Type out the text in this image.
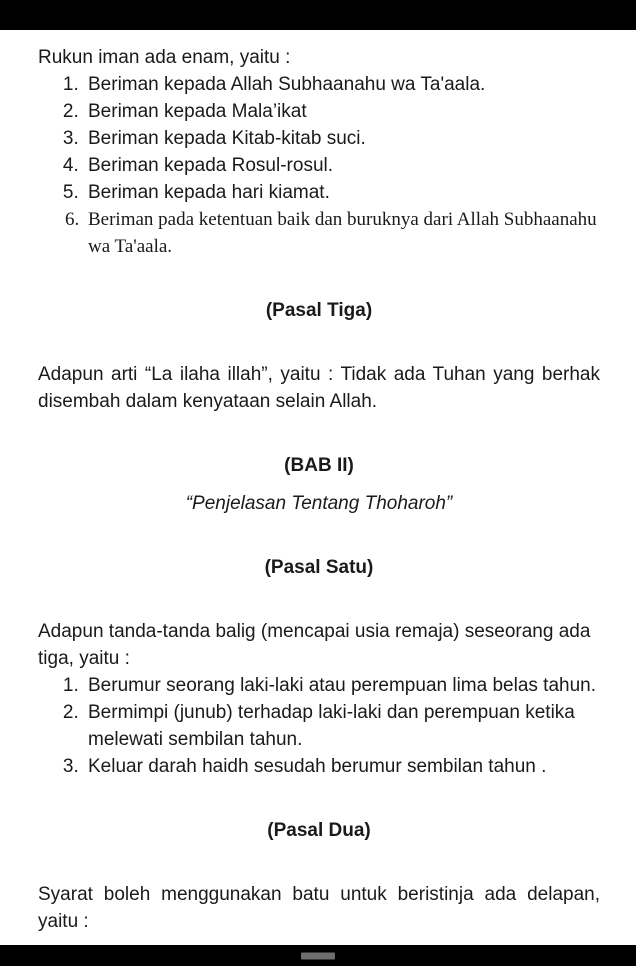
Rukun iman ada enam, yaitu :

1. Beriman kepada Allah Subhaanahu wa Ta'aala.
2. Beriman kepada Mala’ikat
3. Beriman kepada Kitab-kitab suci.
4. Beriman kepada Rosul-rosul.
5. Beriman kepada hari kiamat.
6. Beriman pada ketentuan baik dan buruknya dari Allah Subhaanahu wa Ta'aala.
(Pasal Tiga)

Adapun arti “La ilaha illah”, yaitu : Tidak ada Tuhan yang berhak disembah dalam kenyataan selain Allah.

(BAB II)
“Penjelasan Tentang Thoharoh”
(Pasal Satu)

Adapun tanda-tanda balig (mencapai usia remaja) seseorang ada tiga, yaitu :

1. Berumur seorang laki-laki atau perempuan lima belas tahun.
2. Bermimpi (junub) terhadap laki-laki dan perempuan ketika melewati sembilan tahun.
3. Keluar darah haidh sesudah berumur sembilan tahun .
(Pasal Dua)

Syarat boleh menggunakan batu untuk beristinja ada delapan, yaitu :
